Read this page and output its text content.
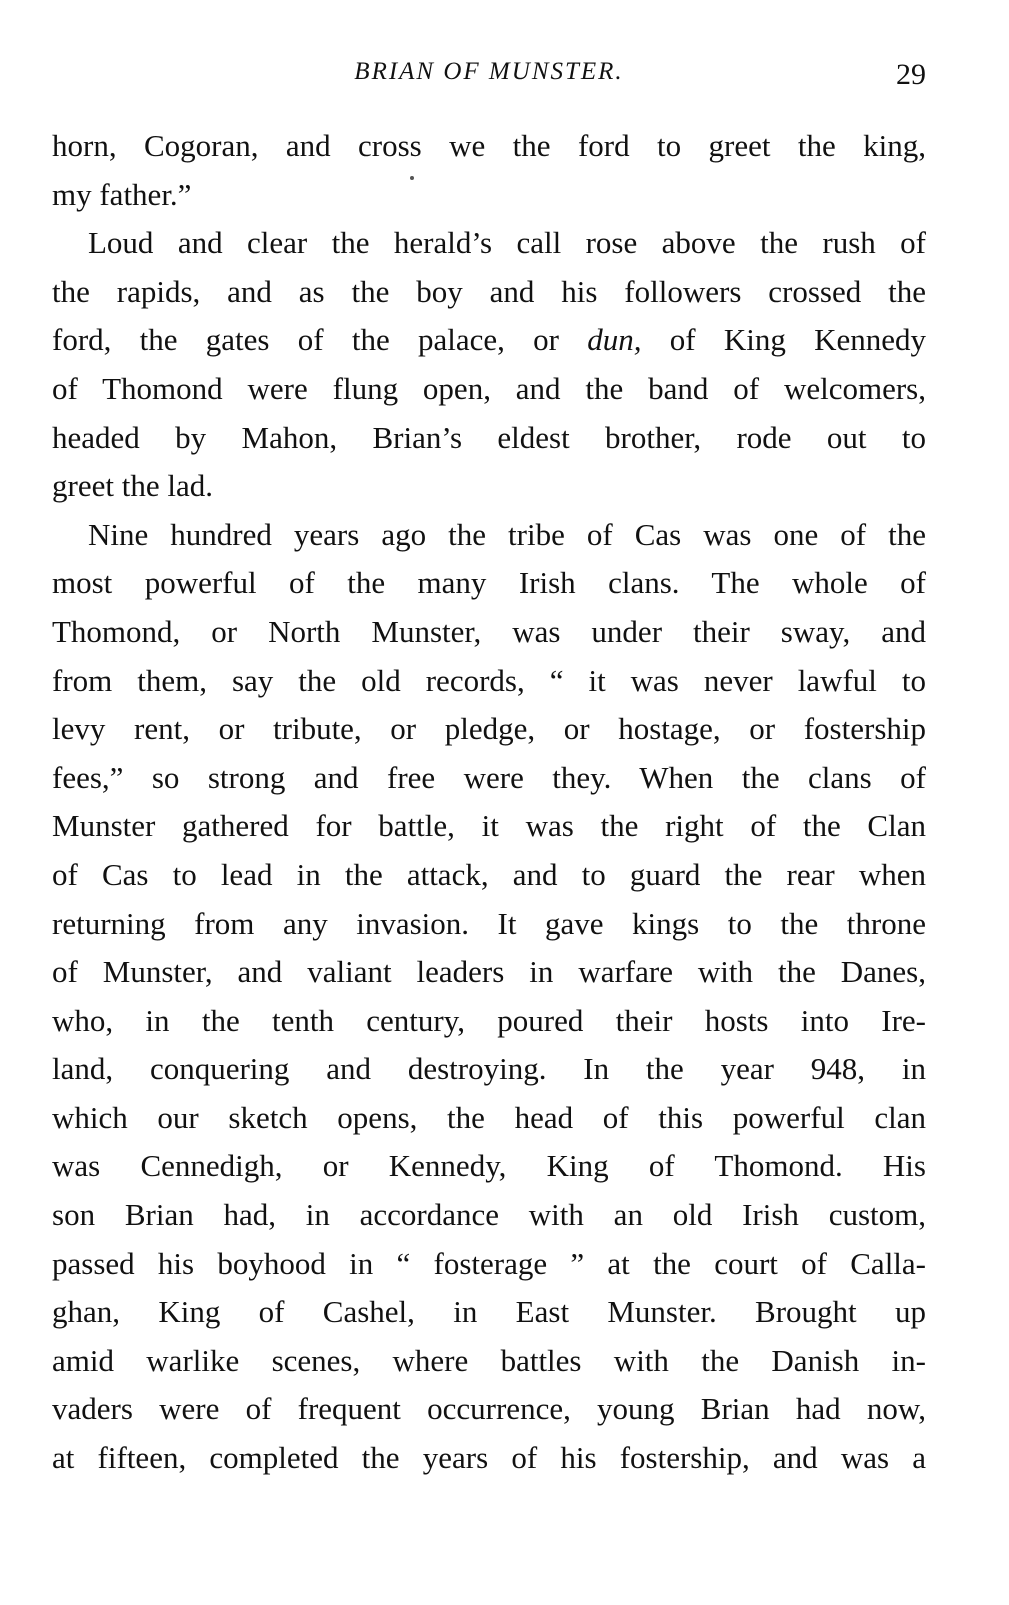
BRIAN OF MUNSTER.	29
horn, Cogoran, and cross we the ford to greet the king,
my father.”
Loud and clear the herald’s call rose above the rush of
the rapids, and as the boy and his followers crossed the
ford, the gates of the palace, or dun, of King Kennedy
of Thomond were flung open, and the band of welcomers,
headed by Mahon, Brian’s eldest brother, rode out to
greet the lad.
Nine hundred years ago the tribe of Cas was one of the
most powerful of the many Irish clans. The whole of
Thomond, or North Munster, was under their sway, and
from them, say the old records, “ it was never lawful to
levy rent, or tribute, or pledge, or hostage, or fostership
fees,” so strong and free were they. When the clans of
Munster gathered for battle, it was the right of the Clan
of Cas to lead in the attack, and to guard the rear when
returning from any invasion. It gave kings to the throne
of Munster, and valiant leaders in warfare with the Danes,
who, in the tenth century, poured their hosts into Ire-
land, conquering and destroying. In the year 948, in
which our sketch opens, the head of this powerful clan
was Cennedigh, or Kennedy, King of Thomond. His
son Brian had, in accordance with an old Irish custom,
passed his boyhood in “ fosterage ” at the court of Calla-
ghan, King of Cashel, in East Munster. Brought up
amid warlike scenes, where battles with the Danish in-
vaders were of frequent occurrence, young Brian had now,
at fifteen, completed the years of his fostership, and was a
